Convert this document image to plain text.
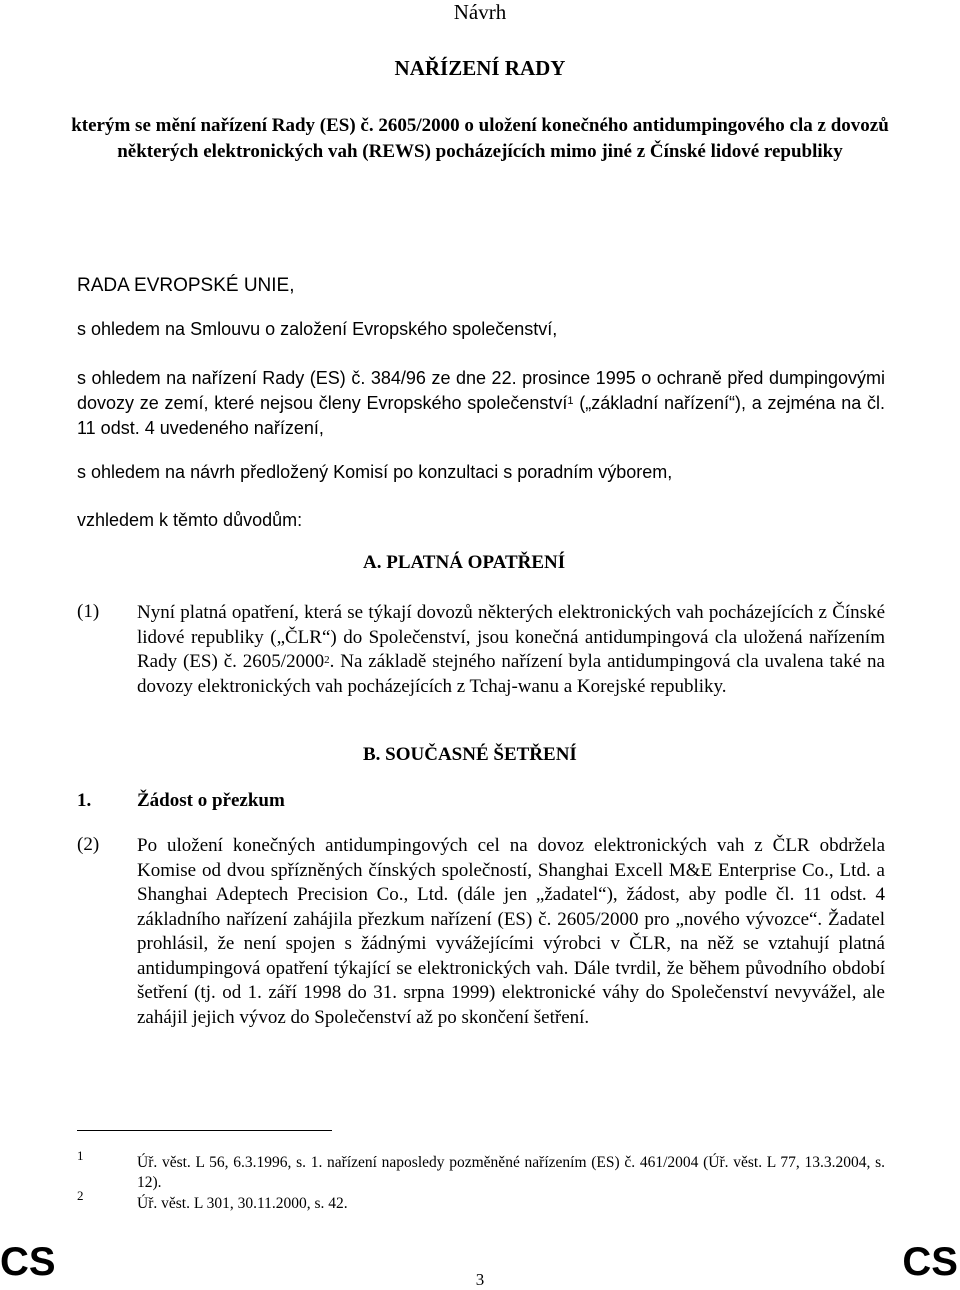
Návrh
NAŘÍZENÍ RADY
kterým se mění nařízení Rady (ES) č. 2605/2000 o uložení konečného antidumpingového cla z dovozů některých elektronických vah (REWS) pocházejících mimo jiné z Čínské lidové republiky
RADA EVROPSKÉ UNIE,
s ohledem na Smlouvu o založení Evropského společenství,
s ohledem na nařízení Rady (ES) č. 384/96 ze dne 22. prosince 1995 o ochraně před dumpingovými dovozy ze zemí, které nejsou členy Evropského společenství$^1$ („základní nařízení“), a zejména na čl. 11 odst. 4 uvedeného nařízení,
s ohledem na návrh předložený Komisí po konzultaci s poradním výborem,
vzhledem k těmto důvodům:
A. PLATNÁ OPATŘENÍ
(1) Nyní platná opatření, která se týkají dovozů některých elektronických vah pocházejících z Čínské lidové republiky („ČLR“) do Společenství, jsou konečná antidumpingová cla uložená nařízením Rady (ES) č. 2605/2000$^2$. Na základě stejného nařízení byla antidumpingová cla uvalena také na dovozy elektronických vah pocházejících z Tchaj-wanu a Korejské republiky.
B. SOUČASNÉ ŠETŘENÍ
1. Žádost o přezkum
(2) Po uložení konečných antidumpingových cel na dovoz elektronických vah z ČLR obdržela Komise od dvou spřízněných čínských společností, Shanghai Excell M&E Enterprise Co., Ltd. a Shanghai Adeptech Precision Co., Ltd. (dále jen „žadatel“), žádost, aby podle čl. 11 odst. 4 základního nařízení zahájila přezkum nařízení (ES) č. 2605/2000 pro „nového vývozce“. Žadatel prohlásil, že není spojen s žádnými vyvážejícími výrobci v ČLR, na něž se vztahují platná antidumpingová opatření týkající se elektronických vah. Dále tvrdil, že během původního období šetření (tj. od 1. září 1998 do 31. srpna 1999) elektronické váhy do Společenství nevyvážel, ale zahájil jejich vývoz do Společenství až po skončení šetření.
1	Úř. věst. L 56, 6.3.1996, s. 1. nařízení naposledy pozměněné nařízením (ES) č. 461/2004 (Úř. věst. L 77, 13.3.2004, s. 12).
2	Úř. věst. L 301, 30.11.2000, s. 42.
CS	3	CS
